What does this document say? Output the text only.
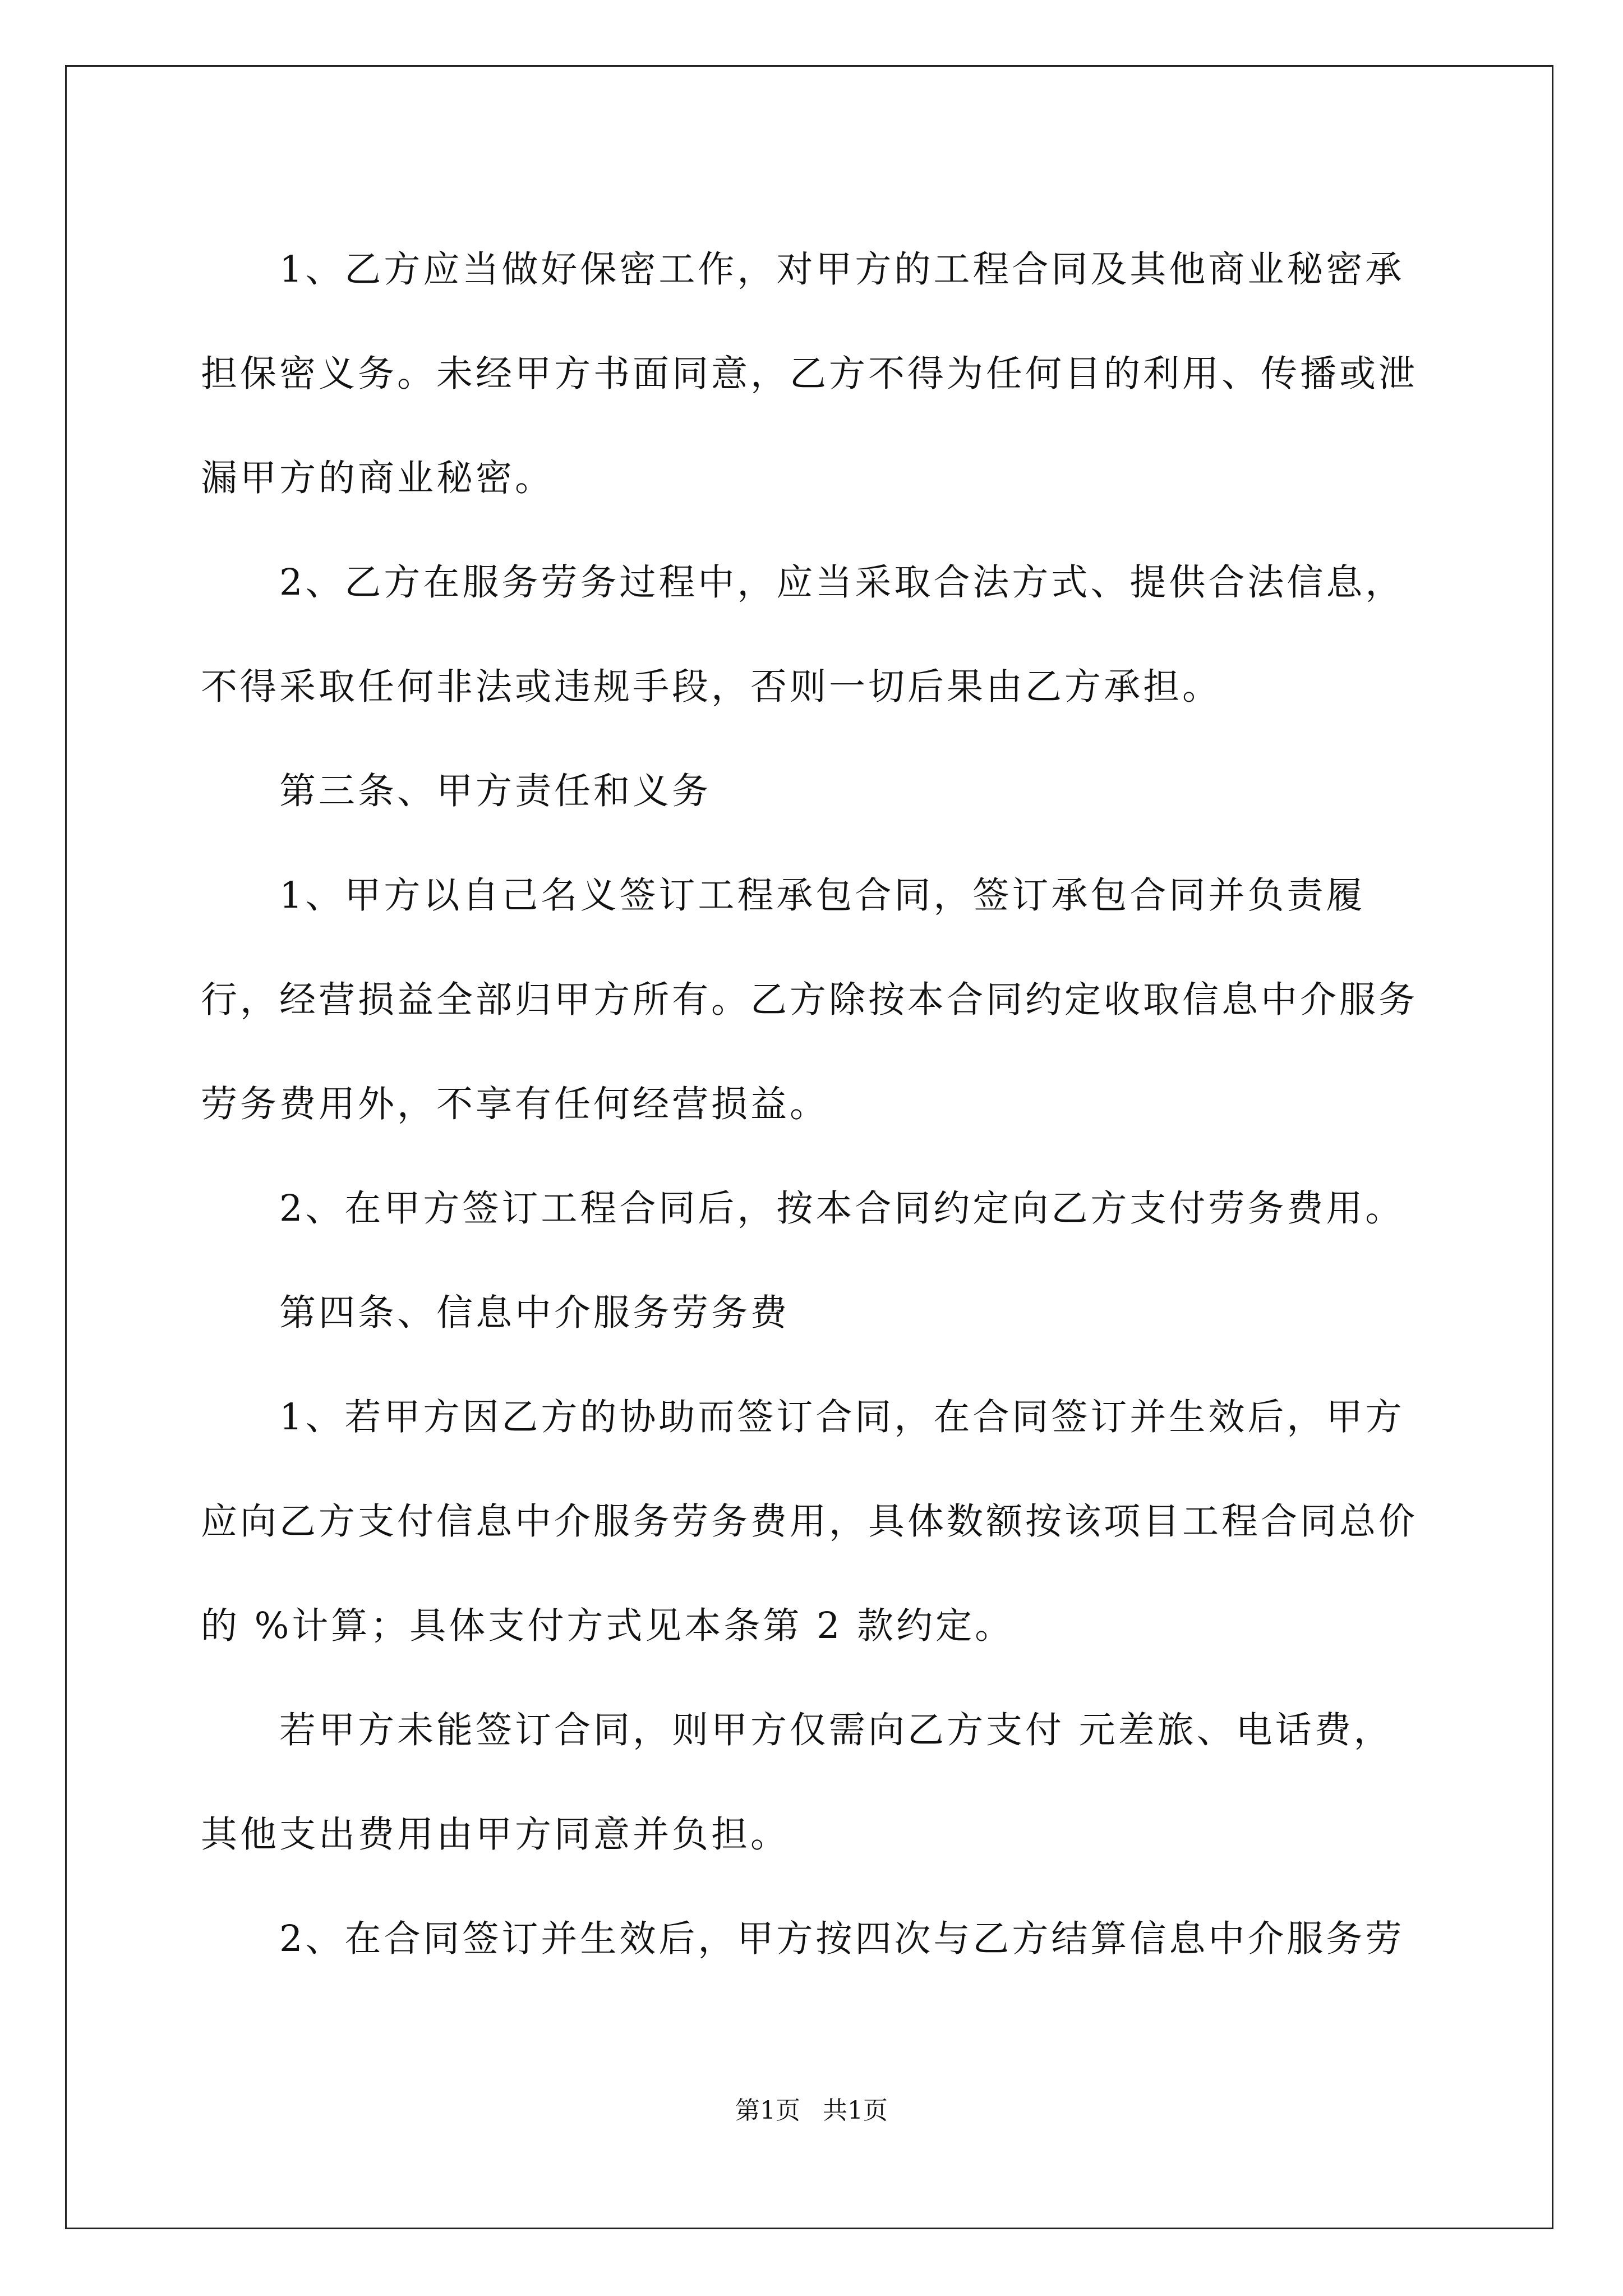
1、乙方应当做好保密工作，对甲方的工程合同及其他商业秘密承担保密义务。未经甲方书面同意，乙方不得为任何目的利用、传播或泄漏甲方的商业秘密。

2、乙方在服务劳务过程中，应当采取合法方式、提供合法信息，不得采取任何非法或违规手段，否则一切后果由乙方承担。

第三条、甲方责任和义务

1、甲方以自己名义签订工程承包合同，签订承包合同并负责履行，经营损益全部归甲方所有。乙方除按本合同约定收取信息中介服务劳务费用外，不享有任何经营损益。

2、在甲方签订工程合同后，按本合同约定向乙方支付劳务费用。

第四条、信息中介服务劳务费

1、若甲方因乙方的协助而签订合同，在合同签订并生效后，甲方应向乙方支付信息中介服务劳务费用，具体数额按该项目工程合同总价的 %计算；具体支付方式见本条第 2 款约定。

若甲方未能签订合同，则甲方仅需向乙方支付 元差旅、电话费，其他支出费用由甲方同意并负担。

2、在合同签订并生效后，甲方按四次与乙方结算信息中介服务劳

第1页 共1页
